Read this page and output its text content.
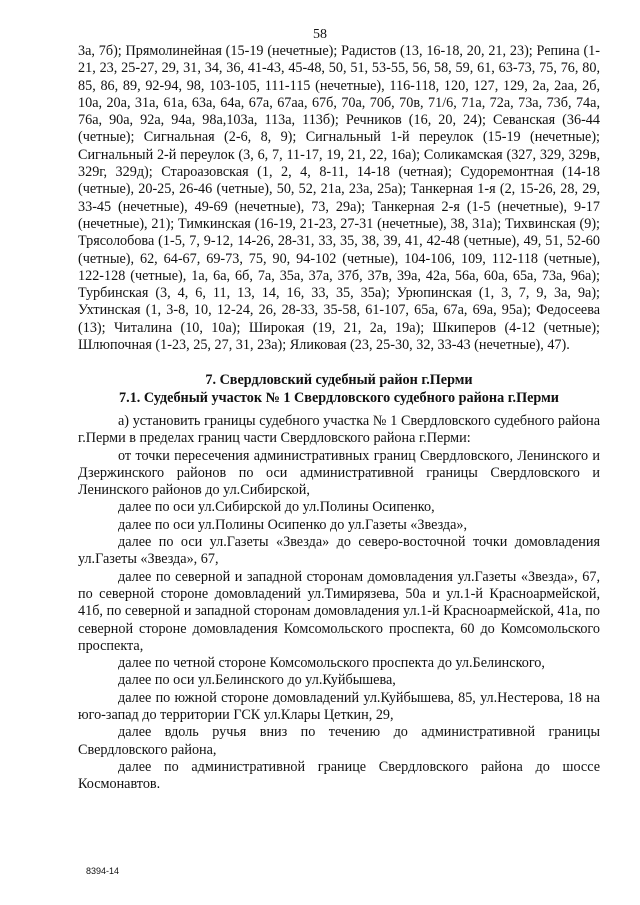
58

3а, 7б); Прямолинейная (15-19 (нечетные); Радистов (13, 16-18, 20, 21, 23); Репина (1-21, 23, 25-27, 29, 31, 34, 36, 41-43, 45-48, 50, 51, 53-55, 56, 58, 59, 61, 63-73, 75, 76, 80, 85, 86, 89, 92-94, 98, 103-105, 111-115 (нечетные), 116-118, 120, 127, 129, 2а, 2аа, 2б, 10а, 20а, 31а, 61а, 63а, 64а, 67а, 67аа, 67б, 70а, 70б, 70в, 71/6, 71а, 72а, 73а, 73б, 74а, 76а, 90а, 92а, 94а, 98а,103а, 113а, 113б); Речников (16, 20, 24); Севанская (36-44 (четные); Сигнальная (2-6, 8, 9); Сигнальный 1-й переулок (15-19 (нечетные); Сигнальный 2-й переулок (3, 6, 7, 11-17, 19, 21, 22, 16а); Соликамская (327, 329, 329в, 329г, 329д); Староазовская (1, 2, 4, 8-11, 14-18 (четная); Судоремонтная (14-18 (четные), 20-25, 26-46 (четные), 50, 52, 21а, 23а, 25а); Танкерная 1-я (2, 15-26, 28, 29, 33-45 (нечетные), 49-69 (нечетные), 73, 29а); Танкерная 2-я (1-5 (нечетные), 9-17 (нечетные), 21); Тимкинская (16-19, 21-23, 27-31 (нечетные), 38, 31а); Тихвинская (9); Трясолобова (1-5, 7, 9-12, 14-26, 28-31, 33, 35, 38, 39, 41, 42-48 (четные), 49, 51, 52-60 (четные), 62, 64-67, 69-73, 75, 90, 94-102 (четные), 104-106, 109, 112-118 (четные), 122-128 (четные), 1а, 6а, 6б, 7а, 35а, 37а, 37б, 37в, 39а, 42а, 56а, 60а, 65а, 73а, 96а); Турбинская (3, 4, 6, 11, 13, 14, 16, 33, 35, 35а); Урюпинская (1, 3, 7, 9, 3а, 9а); Ухтинская (1, 3-8, 10, 12-24, 26, 28-33, 35-58, 61-107, 65а, 67а, 69а, 95а); Федосеева (13); Читалина (10, 10а); Широкая (19, 21, 2а, 19а); Шкиперов (4-12 (четные); Шлюпочная (1-23, 25, 27, 31, 23а); Яликовая (23, 25-30, 32, 33-43 (нечетные), 47).

7. Свердловский судебный район г.Перми

7.1. Судебный участок № 1 Свердловского судебного района г.Перми

а) установить границы судебного участка № 1 Свердловского судебного района г.Перми в пределах границ части Свердловского района г.Перми:

от точки пересечения административных границ Свердловского, Ленинского и Дзержинского районов по оси административной границы Свердловского и Ленинского районов до ул.Сибирской,

далее по оси ул.Сибирской до ул.Полины Осипенко,

далее по оси ул.Полины Осипенко до ул.Газеты «Звезда»,

далее по оси ул.Газеты «Звезда» до северо-восточной точки домовладения ул.Газеты «Звезда», 67,

далее по северной и западной сторонам домовладения ул.Газеты «Звезда», 67, по северной стороне домовладений ул.Тимирязева, 50а и ул.1-й Красноармейской, 41б, по северной и западной сторонам домовладения ул.1-й Красноармейской, 41а, по северной стороне домовладения Комсомольского проспекта, 60 до Комсомольского проспекта,

далее по четной стороне Комсомольского проспекта до ул.Белинского,

далее по оси ул.Белинского до ул.Куйбышева,

далее по южной стороне домовладений ул.Куйбышева, 85, ул.Нестерова, 18 на юго-запад до территории ГСК ул.Клары Цеткин, 29,

далее вдоль ручья вниз по течению до административной границы Свердловского района,

далее по административной границе Свердловского района до шоссе Космонавтов.

8394-14
